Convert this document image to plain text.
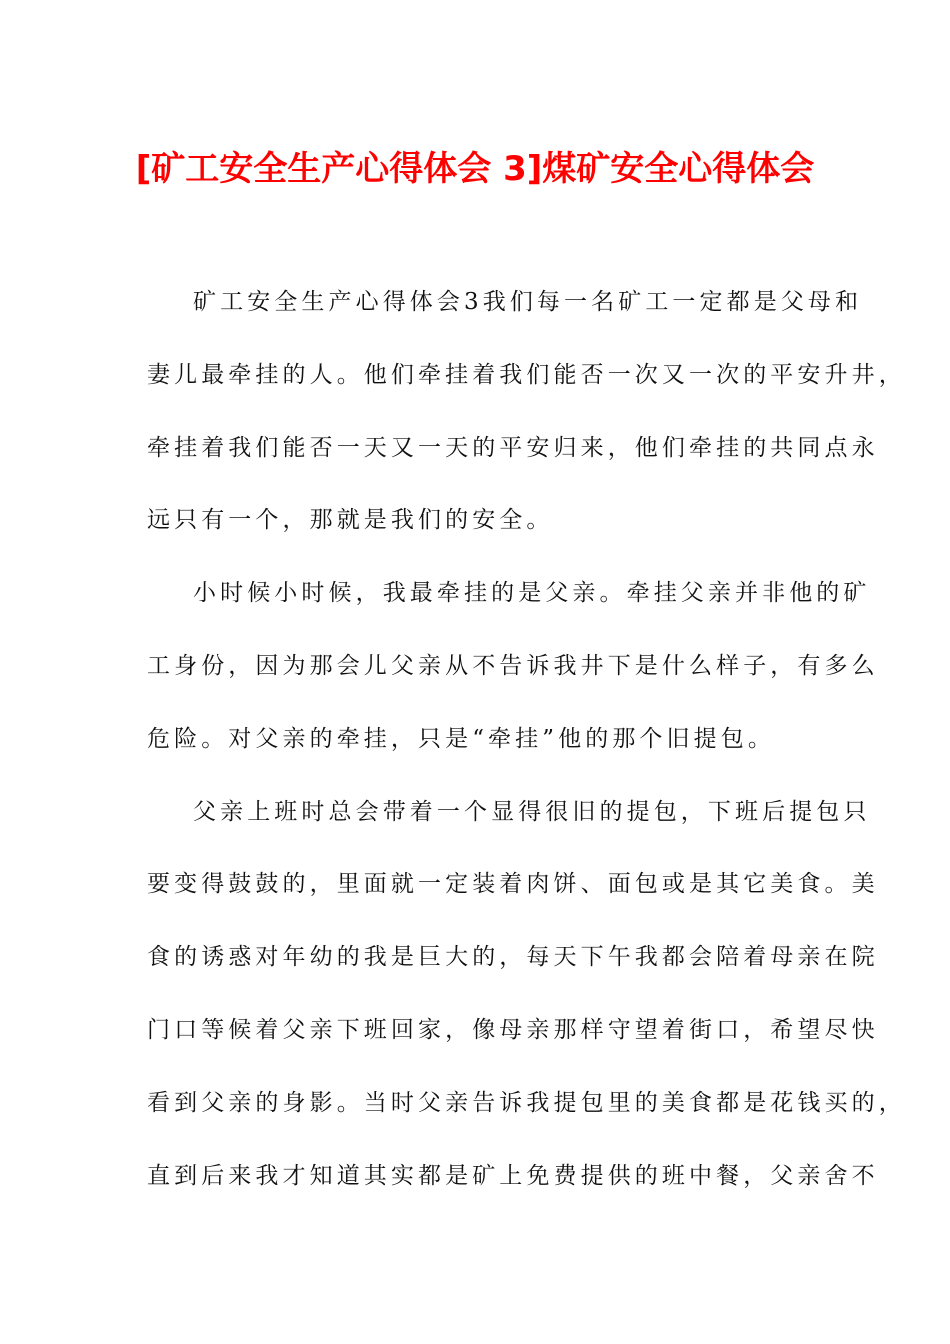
[矿工安全生产心得体会 3]煤矿安全心得体会
矿工安全生产心得体会3我们每一名矿工一定都是父母和
妻儿最牵挂的人。他们牵挂着我们能否一次又一次的平安升井，
牵挂着我们能否一天又一天的平安归来，他们牵挂的共同点永
远只有一个，那就是我们的安全。
小时候小时候，我最牵挂的是父亲。牵挂父亲并非他的矿
工身份，因为那会儿父亲从不告诉我井下是什么样子，有多么
危险。对父亲的牵挂，只是“牵挂”他的那个旧提包。
父亲上班时总会带着一个显得很旧的提包，下班后提包只
要变得鼓鼓的，里面就一定装着肉饼、面包或是其它美食。美
食的诱惑对年幼的我是巨大的，每天下午我都会陪着母亲在院
门口等候着父亲下班回家，像母亲那样守望着街口，希望尽快
看到父亲的身影。当时父亲告诉我提包里的美食都是花钱买的，
直到后来我才知道其实都是矿上免费提供的班中餐，父亲舍不
